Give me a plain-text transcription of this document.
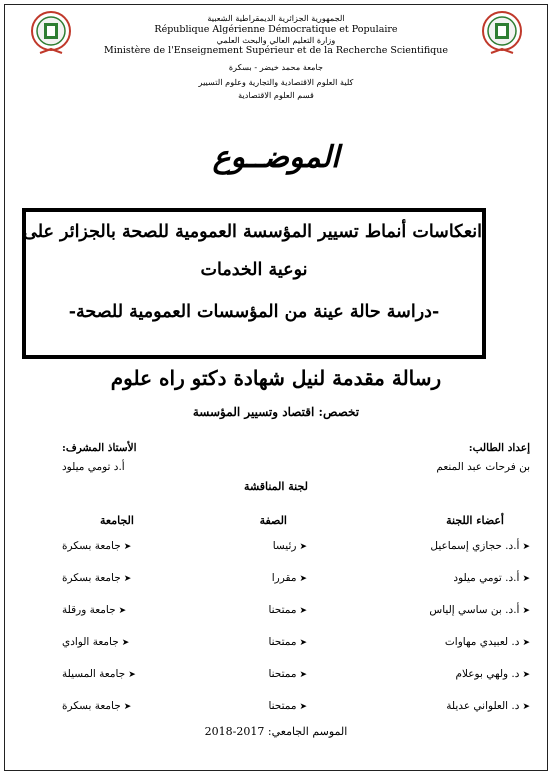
الجمهورية الجزائرية الديمقراطية الشعبية
République Algérienne Démocratique et Populaire
وزارة التعليم العالي والبحث العلمي
Ministère de l'Enseignement Supérieur et de la Recherche Scientifique
جامعة محمد خيضر - بسكرة
كلية العلوم الاقتصادية والتجارية وعلوم التسيير
قسم العلوم الاقتصادية
الموضــوع
انعكاسات أنماط تسيير المؤسسة العمومية للصحة بالجزائر على
نوعية الخدمات
-دراسة حالة عينة من المؤسسات العمومية للصحة-
رسالة مقدمة لنيل شهادة دكتو راه علوم
تخصص: اقتصاد وتسيير المؤسسة
إعداد الطالب:
بن فرحات عبد المنعم
الأستاذ المشرف:
أ.د تومي ميلود
لجنة المناقشة
أعضاء اللجنة
الصفة
الجامعة
➤أ.د. حجازي إسماعيل
➤رئيسا
➤جامعة بسكرة
➤أ.د. تومي ميلود
➤مقررا
➤جامعة بسكرة
➤أ.د. بن ساسي إلياس
➤ممتحنا
➤جامعة ورقلة
➤د. لعبيدي مهاوات
➤ممتحنا
➤جامعة الوادي
➤د. ولهي بوعلام
➤ممتحنا
➤جامعة المسيلة
➤د. العلواني عديلة
➤ممتحنا
➤جامعة بسكرة
الموسم الجامعي: 2017-2018
